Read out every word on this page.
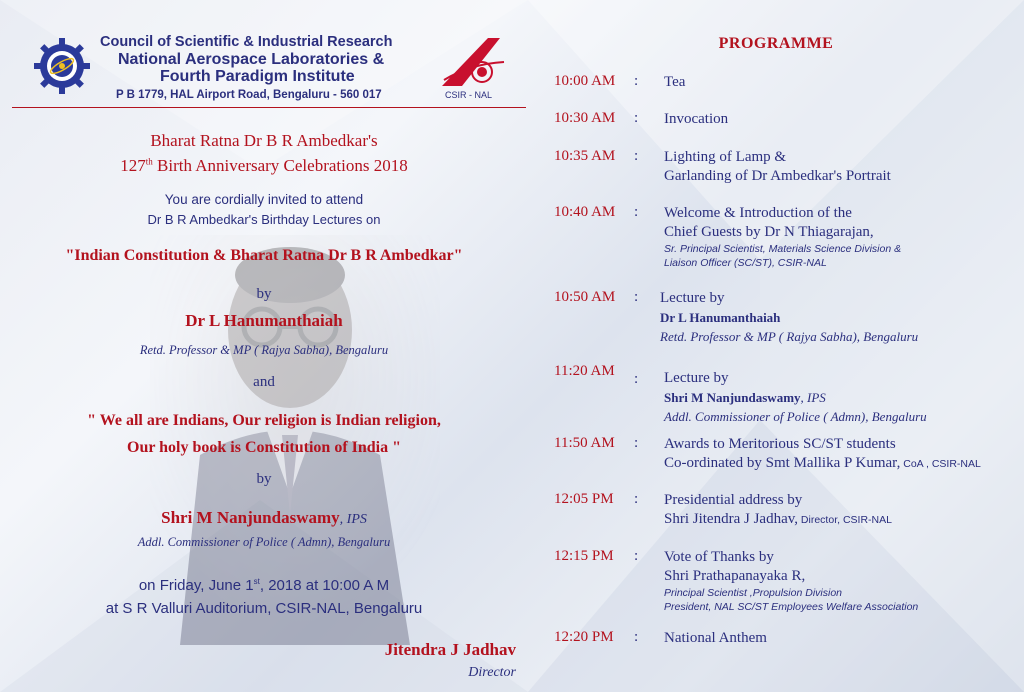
Council of Scientific & Industrial Research
National Aerospace Laboratories &
Fourth Paradigm Institute
P B 1779, HAL Airport Road, Bengaluru - 560 017	CSIR - NAL
Bharat Ratna Dr B R Ambedkar's
127th Birth Anniversary Celebrations 2018
You are cordially invited to attend
Dr B R Ambedkar's Birthday Lectures on
"Indian Constitution & Bharat Ratna Dr B R Ambedkar"
by
Dr L Hanumanthaiah
Retd. Professor & MP ( Rajya Sabha), Bengaluru
and
" We all are Indians, Our religion is Indian religion,
Our holy book is Constitution of India "
by
Shri M Nanjundaswamy, IPS
Addl. Commissioner of Police ( Admn), Bengaluru
on Friday, June 1st, 2018 at 10:00 A M
at S R Valluri Auditorium, CSIR-NAL, Bengaluru
Jitendra J Jadhav
Director
PROGRAMME
10:00 AM : Tea
10:30 AM : Invocation
10:35 AM : Lighting of Lamp &
Garlanding of Dr Ambedkar's Portrait
10:40 AM : Welcome & Introduction of the
Chief Guests by Dr N Thiagarajan,
Sr. Principal Scientist, Materials Science Division &
Liaison Officer (SC/ST), CSIR-NAL
10:50 AM : Lecture by
Dr L Hanumanthaiah
Retd. Professor & MP ( Rajya Sabha), Bengaluru
11:20 AM : Lecture by
Shri M Nanjundaswamy, IPS
Addl. Commissioner of Police ( Admn), Bengaluru
11:50 AM : Awards to Meritorious SC/ST students
Co-ordinated by Smt Mallika P Kumar, CoA , CSIR-NAL
12:05 PM : Presidential address by
Shri Jitendra J Jadhav, Director, CSIR-NAL
12:15 PM : Vote of Thanks by
Shri Prathapanayaka R,
Principal Scientist ,Propulsion Division
President, NAL SC/ST Employees Welfare Association
12:20 PM : National Anthem
